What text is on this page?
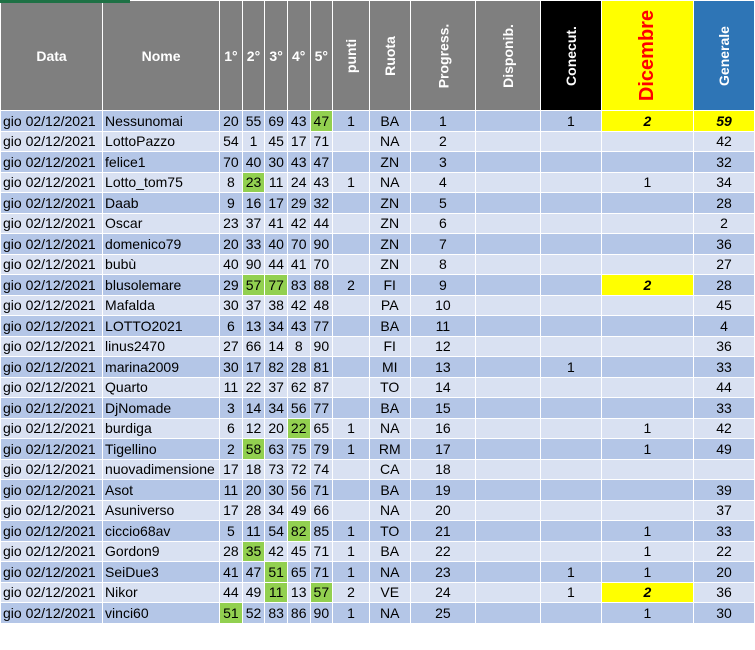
Data	Nome	1°	2°	3°	4°	5°	punti	Ruota	Progress.	Disponib.	Conecut.	Dicembre	Generale
gio 02/12/2021	Nessunomai	20	55	69	43	47	1	BA	1		1	2	59
gio 02/12/2021	LottoPazzo	54	1	45	17	71		NA	2				42
gio 02/12/2021	felice1	70	40	30	43	47		ZN	3				32
gio 02/12/2021	Lotto_tom75	8	23	11	24	43	1	NA	4			1	34
gio 02/12/2021	Daab	9	16	17	29	32		ZN	5				28
gio 02/12/2021	Oscar	23	37	41	42	44		ZN	6				2
gio 02/12/2021	domenico79	20	33	40	70	90		ZN	7				36
gio 02/12/2021	bubù	40	90	44	41	70		ZN	8				27
gio 02/12/2021	blusolemare	29	57	77	83	88	2	FI	9			2	28
gio 02/12/2021	Mafalda	30	37	38	42	48		PA	10				45
gio 02/12/2021	LOTTO2021	6	13	34	43	77		BA	11				4
gio 02/12/2021	linus2470	27	66	14	8	90		FI	12				36
gio 02/12/2021	marina2009	30	17	82	28	81		MI	13		1		33
gio 02/12/2021	Quarto	11	22	37	62	87		TO	14				44
gio 02/12/2021	DjNomade	3	14	34	56	77		BA	15				33
gio 02/12/2021	burdiga	6	12	20	22	65	1	NA	16			1	42
gio 02/12/2021	Tigellino	2	58	63	75	79	1	RM	17			1	49
gio 02/12/2021	nuovadimensione	17	18	73	72	74		CA	18				
gio 02/12/2021	Asot	11	20	30	56	71		BA	19				39
gio 02/12/2021	Asuniverso	17	28	34	49	66		NA	20				37
gio 02/12/2021	ciccio68av	5	11	54	82	85	1	TO	21			1	33
gio 02/12/2021	Gordon9	28	35	42	45	71	1	BA	22			1	22
gio 02/12/2021	SeiDue3	41	47	51	65	71	1	NA	23		1	1	20
gio 02/12/2021	Nikor	44	49	11	13	57	2	VE	24		1	2	36
gio 02/12/2021	vinci60	51	52	83	86	90	1	NA	25			1	30
